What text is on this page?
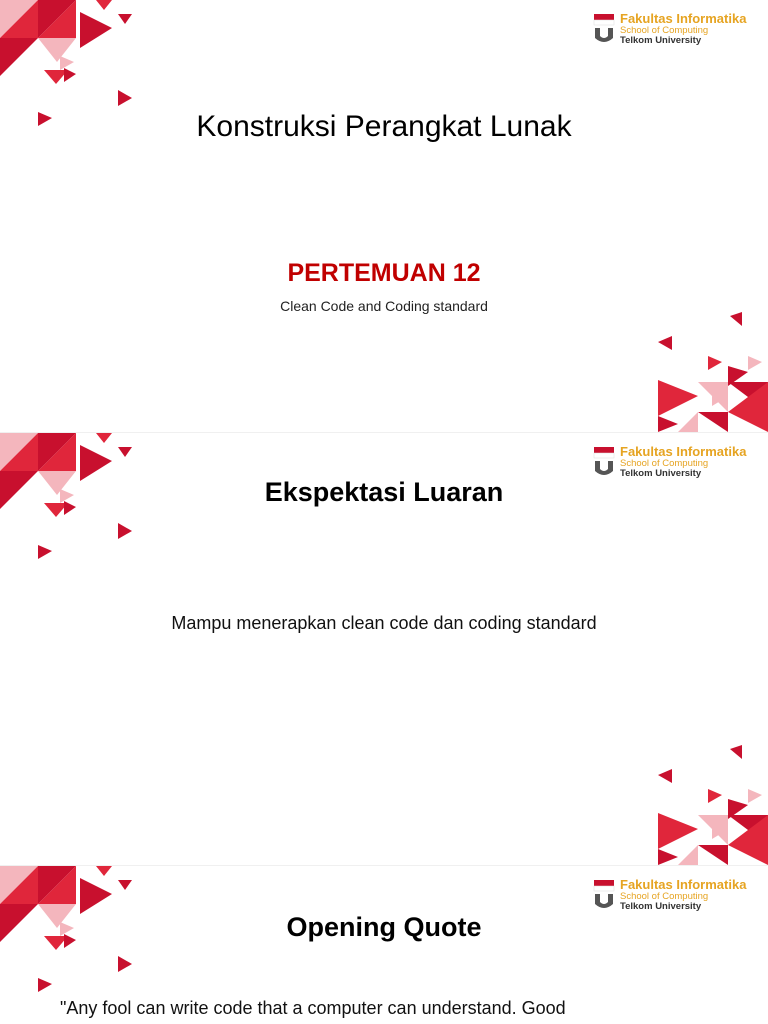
Fakultas Informatika
School of Computing
Telkom University
Konstruksi Perangkat Lunak
PERTEMUAN 12
Clean Code and Coding standard
Fakultas Informatika
School of Computing
Telkom University
Ekspektasi Luaran
Mampu menerapkan clean code dan coding standard
Fakultas Informatika
School of Computing
Telkom University
Opening Quote
"Any fool can write code that a computer can understand. Good
